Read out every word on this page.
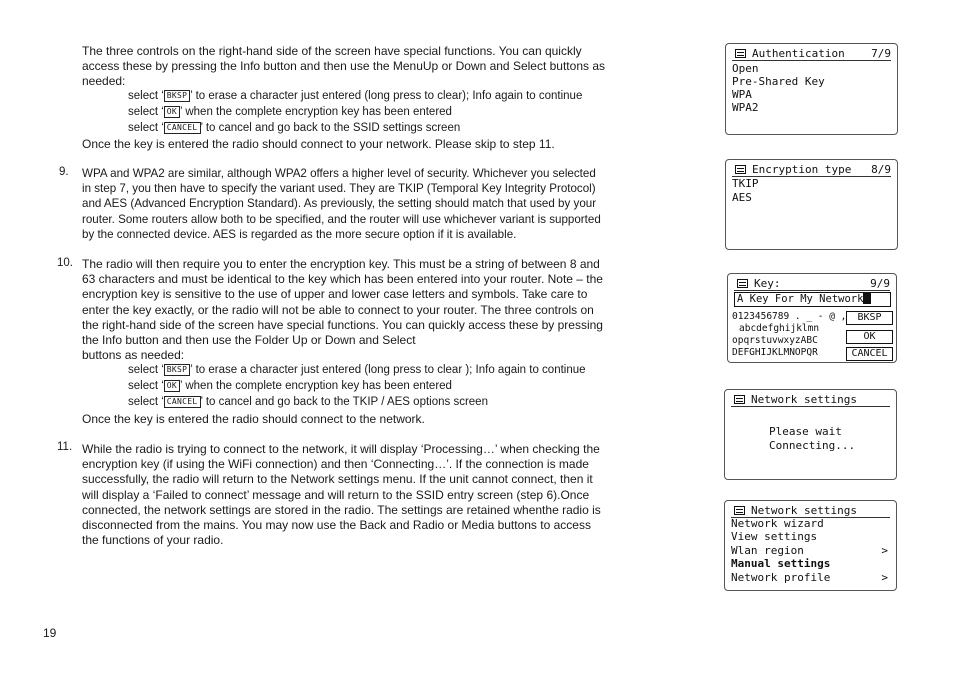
The three controls on the right-hand side of the screen have special functions. You can quickly access these by pressing the Info button and then use the MenuUp or Down and Select buttons as needed:
select ‘ BKSP ’ to erase a character just entered (long press to clear); Info again to continue
select ‘ OK ’ when the complete encryption key has been entered
select ‘ CANCEL ’ to cancel and go back to the SSID settings screen
Once the key is entered the radio should connect to your network. Please skip to step 11.
9. WPA and WPA2 are similar, although WPA2 offers a higher level of security. Whichever you selected in step 7, you then have to specify the variant used. They are TKIP (Temporal Key Integrity Protocol) and AES (Advanced Encryption Standard). As previously, the setting should match that used by your router. Some routers allow both to be specified, and the router will use whichever variant is supported by the connected device. AES is regarded as the more secure option if it is available.
10. The radio will then require you to enter the encryption key. This must be a string of between 8 and 63 characters and must be identical to the key which has been entered into your router. Note – the encryption key is sensitive to the use of upper and lower case letters and symbols. Take care to enter the key exactly, or the radio will not be able to connect to your router. The three controls on the right-hand side of the screen have special functions. You can quickly access these by pressing the Info button and then use the Folder Up or Down and Select
buttons as needed:
select ‘ BKSP ’ to erase a character just entered (long press to clear ); Info again to continue
select ‘ OK ’ when the complete encryption key has been entered
select ‘ CANCEL ’ to cancel and go back to the TKIP / AES options screen
Once the key is entered the radio should connect to the network.
11. While the radio is trying to connect to the network, it will display ‘Processing…’ when checking the encryption key (if using the WiFi connection) and then ‘Connecting…’. If the connection is made successfully, the radio will return to the Network settings menu. If the unit cannot connect, then it will display a ‘Failed to connect’ message and will return to the SSID entry screen (step 6).Once connected, the network settings are stored in the radio. The settings are retained whenthe radio is disconnected from the mains. You may now use the Back and Radio or Media buttons to access the functions of your radio.
19
Authentication	7/9
Open
Pre-Shared Key
WPA
WPA2
Encryption type	8/9
TKIP
AES
Key:	9/9
A Key For My Network
0123456789 . _ - @ ,
abcdefghijklmn
opqrstuvwxyzABC
DEFGHIJKLMNOPQR
BKSP
OK
CANCEL
Network settings
Please wait
Connecting...
Network settings
Network wizard
View settings
Wlan region	>
Manual settings
Network profile	>
